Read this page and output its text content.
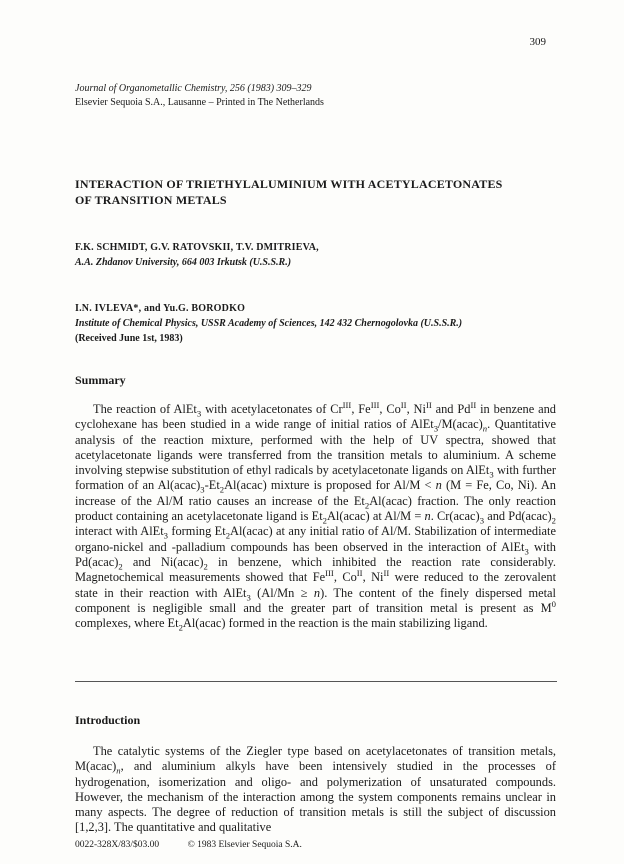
309
Journal of Organometallic Chemistry, 256 (1983) 309–329
Elsevier Sequoia S.A., Lausanne – Printed in The Netherlands
INTERACTION OF TRIETHYLALUMINIUM WITH ACETYLACETONATES
OF TRANSITION METALS
F.K. SCHMIDT, G.V. RATOVSKII, T.V. DMITRIEVA,
A.A. Zhdanov University, 664 003 Irkutsk (U.S.S.R.)
I.N. IVLEVA*, and Yu.G. BORODKO
Institute of Chemical Physics, USSR Academy of Sciences, 142 432 Chernogolovka (U.S.S.R.)
(Received June 1st, 1983)
Summary

The reaction of AlEt$_3$ with acetylacetonates of $Cr^{III}$, $Fe^{III}$, $Co^{II}$, $Ni^{II}$ and $Pd^{II}$ in benzene and cyclohexane has been studied in a wide range of initial ratios of $AlEt_3/M(acac)_n$. Quantitative analysis of the reaction mixture, performed with the help of UV spectra, showed that acetylacetonate ligands were transferred from the transition metals to aluminium. A scheme involving stepwise substitution of ethyl radicals by acetylacetonate ligands on AlEt$_3$ with further formation of an $Al(acac)_3-Et_2Al(acac)$ mixture is proposed for Al/M < n (M = Fe, Co, Ni). An increase of the Al/M ratio causes an increase of the $Et_2Al(acac)$ fraction. The only reaction product containing an acetylacetonate ligand is $Et_2Al(acac)$ at Al/M = n. $Cr(acac)_3$ and $Pd(acac)_2$ interact with AlEt$_3$ forming $Et_2Al(acac)$ at any initial ratio of Al/M. Stabilization of intermediate organo-nickel and -palladium compounds has been observed in the interaction of AlEt$_3$ with $Pd(acac)_2$ and $Ni(acac)_2$ in benzene, which inhibited the reaction rate considerably. Magnetochemical measurements showed that $Fe^{III}$, $Co^{II}$, $Ni^{II}$ were reduced to the zerovalent state in their reaction with AlEt$_3$ (Al/Mn ≥ n). The content of the finely dispersed metal component is negligible small and the greater part of transition metal is present as $M^0$ complexes, where $Et_2Al(acac)$ formed in the reaction is the main stabilizing ligand.

Introduction

The catalytic systems of the Ziegler type based on acetylacetonates of transition metals, $M(acac)_n$, and aluminium alkyls have been intensively studied in the processes of hydrogenation, isomerization and oligo- and polymerization of unsaturated compounds. However, the mechanism of the interaction among the system components remains unclear in many aspects. The degree of reduction of transition metals is still the subject of discussion [1,2,3]. The quantitative and qualitative

0022-328X/83/$03.00	© 1983 Elsevier Sequoia S.A.
